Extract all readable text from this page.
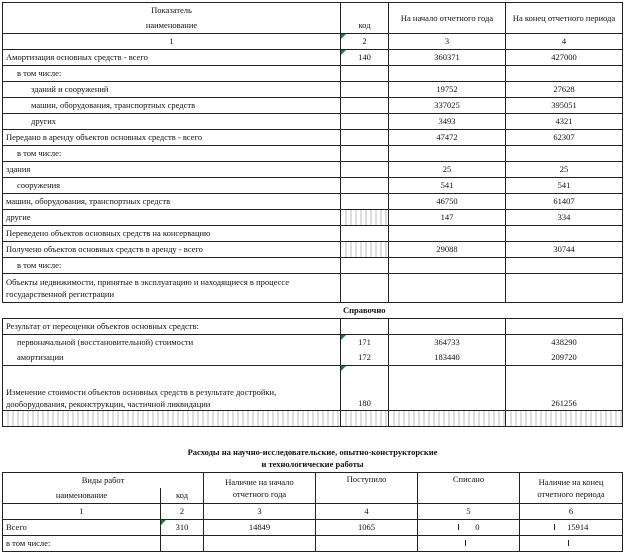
Показатель		На начало отчетного года	На конец отчетного периода
наименование	код		
1	2	3	4
Амортизация основных средств - всего	140	360371	427000
в том числе:			
зданий и сооружений		19752	27628
машин, оборудования, транспортных средств		337025	395051
других		3493	4321
Передано в аренду объектов основных средств - всего		47472	62307
в том числе:			
здания		25	25
сооружения		541	541
машин, оборудования, транспортных средств		46750	61407
другие		147	334
Переведено объектов основных средств на консервацию			
Получено объектов основных средств в аренду - всего		29088	30744
в том числе:			
Объекты недвижимости, принятые в эксплуатацию и находящиеся в процессе государственной регистрации			
Справочно			
Результат от переоценки объектов основных средств:			
первоначальной (восстановительной) стоимости	171	364733	438290
амортизации	172	183440	209720
Изменение стоимости объектов основных средств в результате достройки, дооборудования, реконструкции, частичной ликвидации	180		261256

Расходы на научно-исследовательские, опытно-конструкторские
и технологические работы
Виды работ		Наличие на начало отчетного года	Поступило	Списано	Наличие на конец отчетного периода
наименование	код				
1	2	3	4	5	6
Всего	310	14849	1065	0	15914
в том числе:					
